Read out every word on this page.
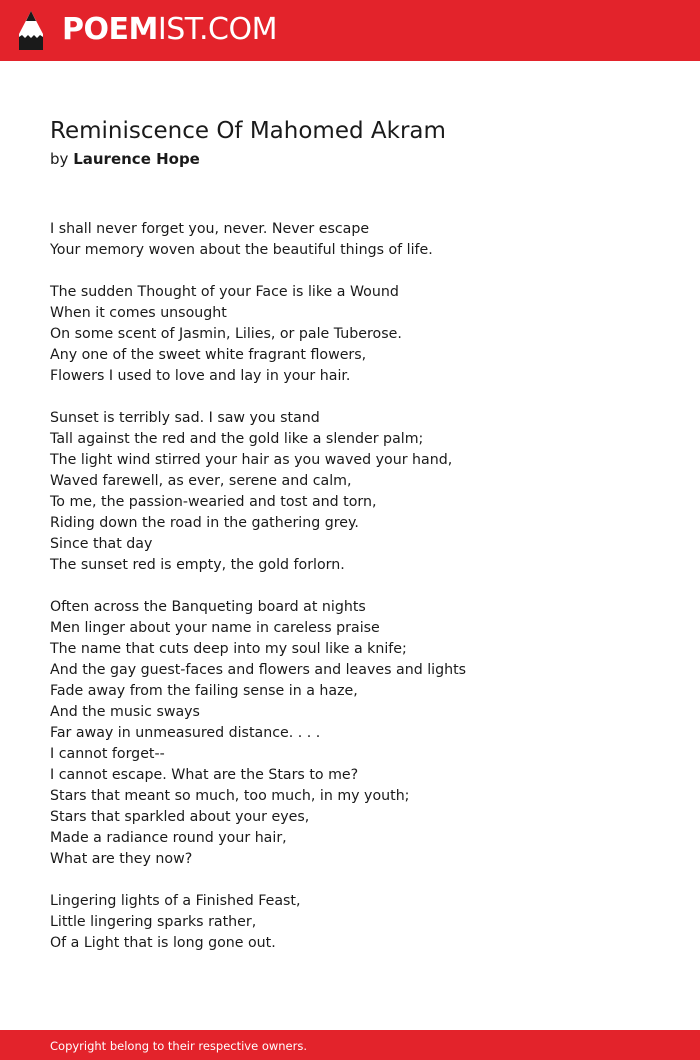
POEMIST.COM
Reminiscence Of Mahomed Akram
by Laurence Hope
I shall never forget you, never. Never escape
Your memory woven about the beautiful things of life.
The sudden Thought of your Face is like a Wound
When it comes unsought
On some scent of Jasmin, Lilies, or pale Tuberose.
Any one of the sweet white fragrant flowers,
Flowers I used to love and lay in your hair.
Sunset is terribly sad. I saw you stand
Tall against the red and the gold like a slender palm;
The light wind stirred your hair as you waved your hand,
Waved farewell, as ever, serene and calm,
To me, the passion-wearied and tost and torn,
Riding down the road in the gathering grey.
Since that day
The sunset red is empty, the gold forlorn.
Often across the Banqueting board at nights
Men linger about your name in careless praise
The name that cuts deep into my soul like a knife;
And the gay guest-faces and flowers and leaves and lights
Fade away from the failing sense in a haze,
And the music sways
Far away in unmeasured distance. . . .
I cannot forget--
I cannot escape. What are the Stars to me?
Stars that meant so much, too much, in my youth;
Stars that sparkled about your eyes,
Made a radiance round your hair,
What are they now?
Lingering lights of a Finished Feast,
Little lingering sparks rather,
Of a Light that is long gone out.
Copyright belong to their respective owners.
